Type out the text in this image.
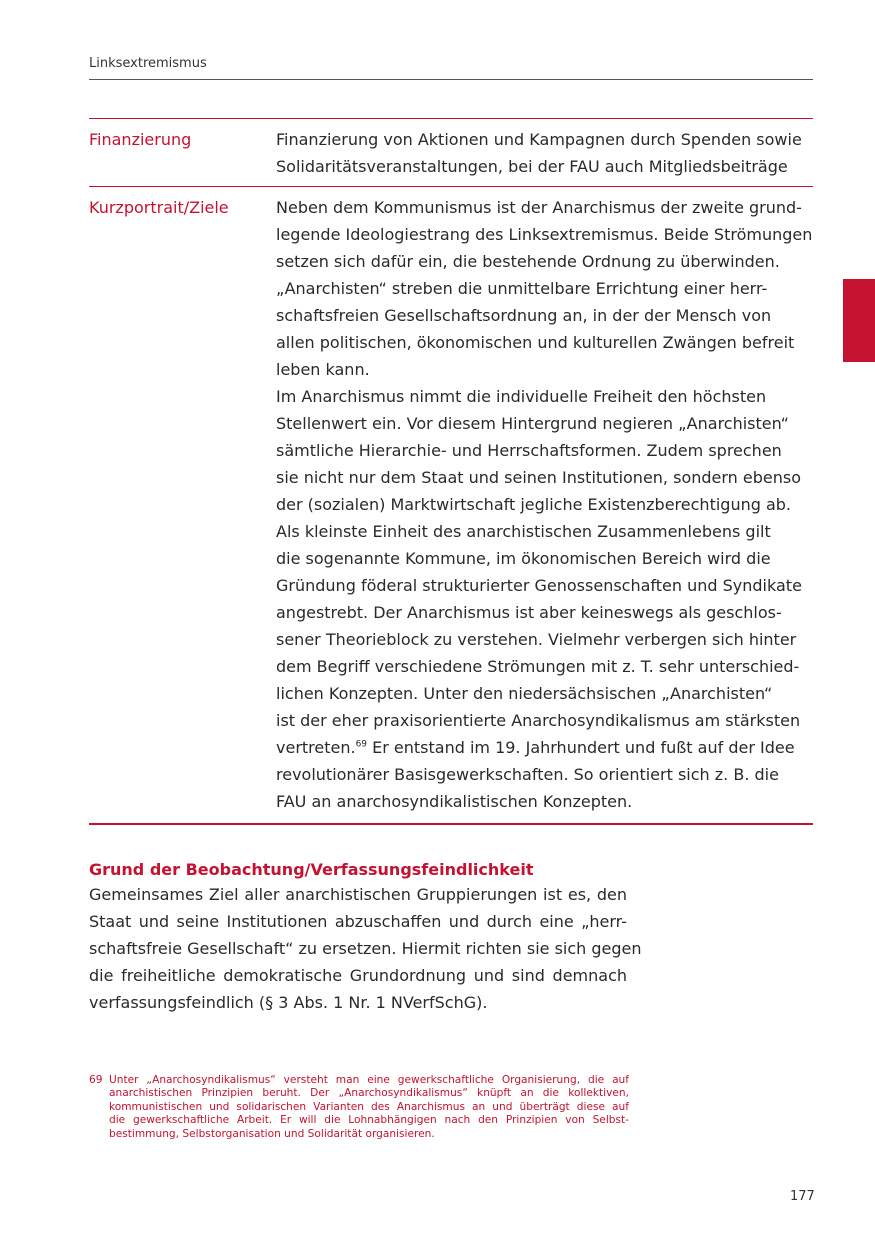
Linksextremismus
Finanzierung	Finanzierung von Aktionen und Kampagnen durch Spenden sowie
Solidaritätsveranstaltungen, bei der FAU auch Mitgliedsbeiträge
Kurzportrait/Ziele	Neben dem Kommunismus ist der Anarchismus der zweite grund-
legende Ideologiestrang des Linksextremismus. Beide Strömungen
setzen sich dafür ein, die bestehende Ordnung zu überwinden.
„Anarchisten“ streben die unmittelbare Errichtung einer herr-
schaftsfreien Gesellschaftsordnung an, in der der Mensch von
allen politischen, ökonomischen und kulturellen Zwängen befreit
leben kann.
Im Anarchismus nimmt die individuelle Freiheit den höchsten
Stellenwert ein. Vor diesem Hintergrund negieren „Anarchisten“
sämtliche Hierarchie- und Herrschaftsformen. Zudem sprechen
sie nicht nur dem Staat und seinen Institutionen, sondern ebenso
der (sozialen) Marktwirtschaft jegliche Existenzberechtigung ab.
Als kleinste Einheit des anarchistischen Zusammenlebens gilt
die sogenannte Kommune, im ökonomischen Bereich wird die
Gründung föderal strukturierter Genossenschaften und Syndikate
angestrebt. Der Anarchismus ist aber keineswegs als geschlos-
sener Theorieblock zu verstehen. Vielmehr verbergen sich hinter
dem Begriff verschiedene Strömungen mit z. T. sehr unterschied-
lichen Konzepten. Unter den niedersächsischen „Anarchisten“
ist der eher praxisorientierte Anarchosyndikalismus am stärksten
vertreten.$^{69}$ Er entstand im 19. Jahrhundert und fußt auf der Idee
revolutionärer Basisgewerkschaften. So orientiert sich z. B. die
FAU an anarchosyndikalistischen Konzepten.
Grund der Beobachtung/Verfassungsfeindlichkeit
Gemeinsames Ziel aller anarchistischen Gruppierungen ist es, den
Staat und seine Institutionen abzuschaffen und durch eine „herr-
schaftsfreie Gesellschaft“ zu ersetzen. Hiermit richten sie sich gegen
die freiheitliche demokratische Grundordnung und sind demnach
verfassungsfeindlich (§ 3 Abs. 1 Nr. 1 NVerfSchG).
69 Unter „Anarchosyndikalismus“ versteht man eine gewerkschaftliche Organisierung, die auf
anarchistischen Prinzipien beruht. Der „Anarchosyndikalismus“ knüpft an die kollektiven,
kommunistischen und solidarischen Varianten des Anarchismus an und überträgt diese auf
die gewerkschaftliche Arbeit. Er will die Lohnabhängigen nach den Prinzipien von Selbst-
bestimmung, Selbstorganisation und Solidarität organisieren.
177
